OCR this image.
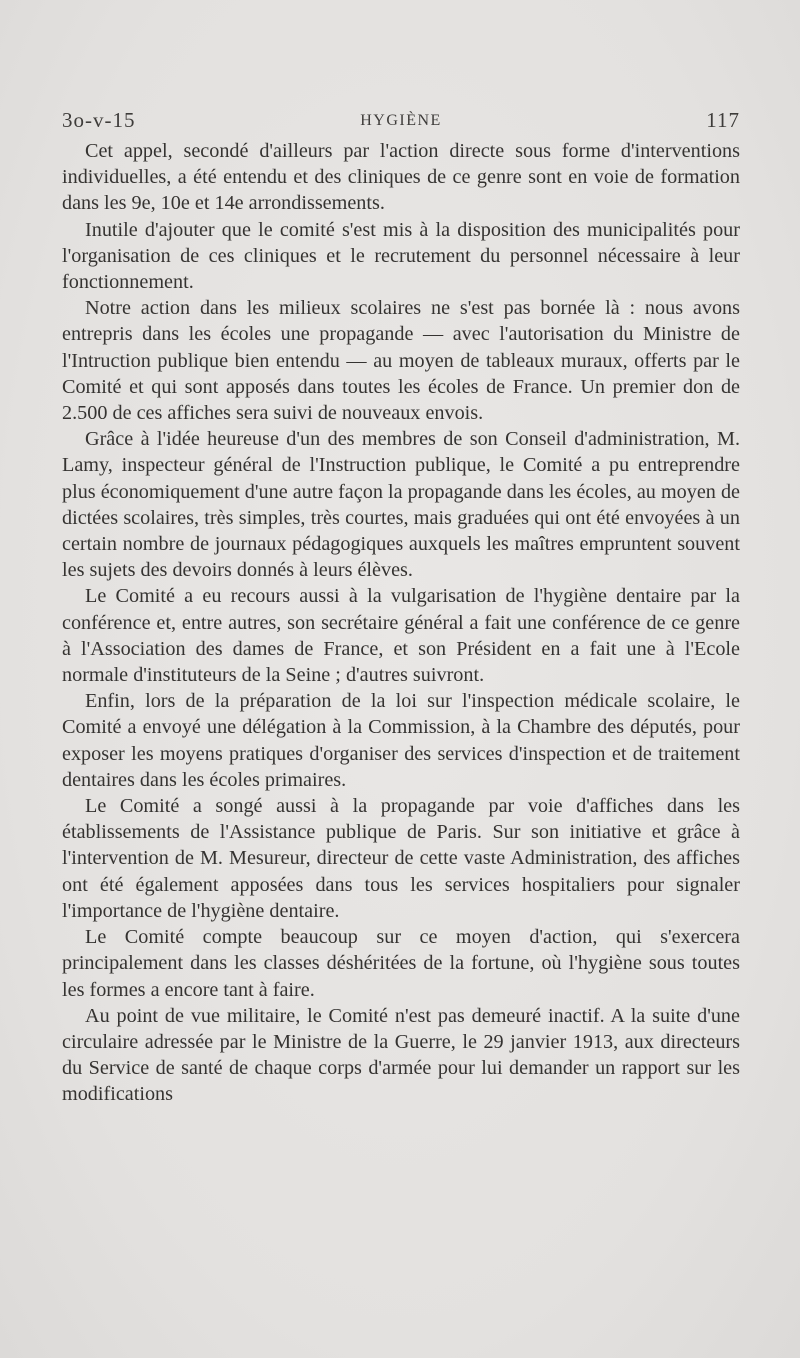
3o-v-15	HYGIÈNE	117

Cet appel, secondé d'ailleurs par l'action directe sous forme d'interventions individuelles, a été entendu et des cliniques de ce genre sont en voie de formation dans les 9e, 10e et 14e arrondissements.

Inutile d'ajouter que le comité s'est mis à la disposition des municipalités pour l'organisation de ces cliniques et le recrutement du personnel nécessaire à leur fonctionnement.

Notre action dans les milieux scolaires ne s'est pas bornée là : nous avons entrepris dans les écoles une propagande — avec l'autorisation du Ministre de l'Intruction publique bien entendu — au moyen de tableaux muraux, offerts par le Comité et qui sont apposés dans toutes les écoles de France. Un premier don de 2.500 de ces affiches sera suivi de nouveaux envois.

Grâce à l'idée heureuse d'un des membres de son Conseil d'administration, M. Lamy, inspecteur général de l'Instruction publique, le Comité a pu entreprendre plus économiquement d'une autre façon la propagande dans les écoles, au moyen de dictées scolaires, très simples, très courtes, mais graduées qui ont été envoyées à un certain nombre de journaux pédagogiques auxquels les maîtres empruntent souvent les sujets des devoirs donnés à leurs élèves.

Le Comité a eu recours aussi à la vulgarisation de l'hygiène dentaire par la conférence et, entre autres, son secrétaire général a fait une conférence de ce genre à l'Association des dames de France, et son Président en a fait une à l'Ecole normale d'instituteurs de la Seine ; d'autres suivront.

Enfin, lors de la préparation de la loi sur l'inspection médicale scolaire, le Comité a envoyé une délégation à la Commission, à la Chambre des députés, pour exposer les moyens pratiques d'organiser des services d'inspection et de traitement dentaires dans les écoles primaires.

Le Comité a songé aussi à la propagande par voie d'affiches dans les établissements de l'Assistance publique de Paris. Sur son initiative et grâce à l'intervention de M. Mesureur, directeur de cette vaste Administration, des affiches ont été également apposées dans tous les services hospitaliers pour signaler l'importance de l'hygiène dentaire.

Le Comité compte beaucoup sur ce moyen d'action, qui s'exercera principalement dans les classes déshéritées de la fortune, où l'hygiène sous toutes les formes a encore tant à faire.

Au point de vue militaire, le Comité n'est pas demeuré inactif. A la suite d'une circulaire adressée par le Ministre de la Guerre, le 29 janvier 1913, aux directeurs du Service de santé de chaque corps d'armée pour lui demander un rapport sur les modifications
